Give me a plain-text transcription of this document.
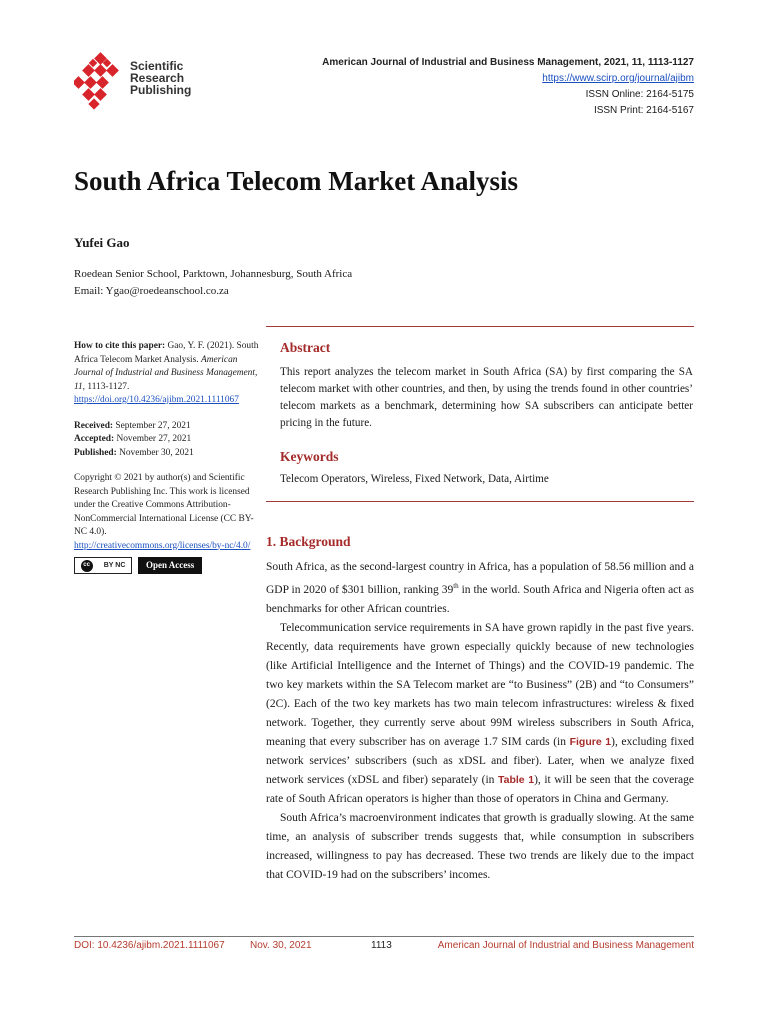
Scientific
Research
Publishing
American Journal of Industrial and Business Management, 2021, 11, 1113-1127
https://www.scirp.org/journal/ajibm
ISSN Online: 2164-5175
ISSN Print: 2164-5167
South Africa Telecom Market Analysis
Yufei Gao
Roedean Senior School, Parktown, Johannesburg, South Africa
Email: Ygao@roedeanschool.co.za
How to cite this paper: Gao, Y. F. (2021). South Africa Telecom Market Analysis. American Journal of Industrial and Business Management, 11, 1113-1127.
https://doi.org/10.4236/ajibm.2021.1111067
Received: September 27, 2021
Accepted: November 27, 2021
Published: November 30, 2021
Copyright © 2021 by author(s) and Scientific Research Publishing Inc. This work is licensed under the Creative Commons Attribution-NonCommercial International License (CC BY-NC 4.0).
http://creativecommons.org/licenses/by-nc/4.0/
cc	BY NC	Open Access
Abstract
This report analyzes the telecom market in South Africa (SA) by first comparing the SA telecom market with other countries, and then, by using the trends found in other countries’ telecom markets as a benchmark, determining how SA subscribers can anticipate better pricing in the future.
Keywords
Telecom Operators, Wireless, Fixed Network, Data, Airtime
1. Background

South Africa, as the second-largest country in Africa, has a population of 58.56 million and a GDP in 2020 of $301 billion, ranking 39th in the world. South Africa and Nigeria often act as benchmarks for other African countries.

Telecommunication service requirements in SA have grown rapidly in the past five years. Recently, data requirements have grown especially quickly because of new technologies (like Artificial Intelligence and the Internet of Things) and the COVID-19 pandemic. The two key markets within the SA Telecom market are “to Business” (2B) and “to Consumers” (2C). Each of the two key markets has two main telecom infrastructures: wireless & fixed network. Together, they currently serve about 99M wireless subscribers in South Africa, meaning that every subscriber has on average 1.7 SIM cards (in Figure 1), excluding fixed network services’ subscribers (such as xDSL and fiber). Later, when we analyze fixed network services (xDSL and fiber) separately (in Table 1), it will be seen that the coverage rate of South African operators is higher than those of operators in China and Germany.

South Africa’s macroenvironment indicates that growth is gradually slowing. At the same time, an analysis of subscriber trends suggests that, while consumption in subscribers increased, willingness to pay has decreased. These two trends are likely due to the impact that COVID-19 had on the subscribers’ incomes.

DOI: 10.4236/ajibm.2021.1111067	Nov. 30, 2021	1113	American Journal of Industrial and Business Management
